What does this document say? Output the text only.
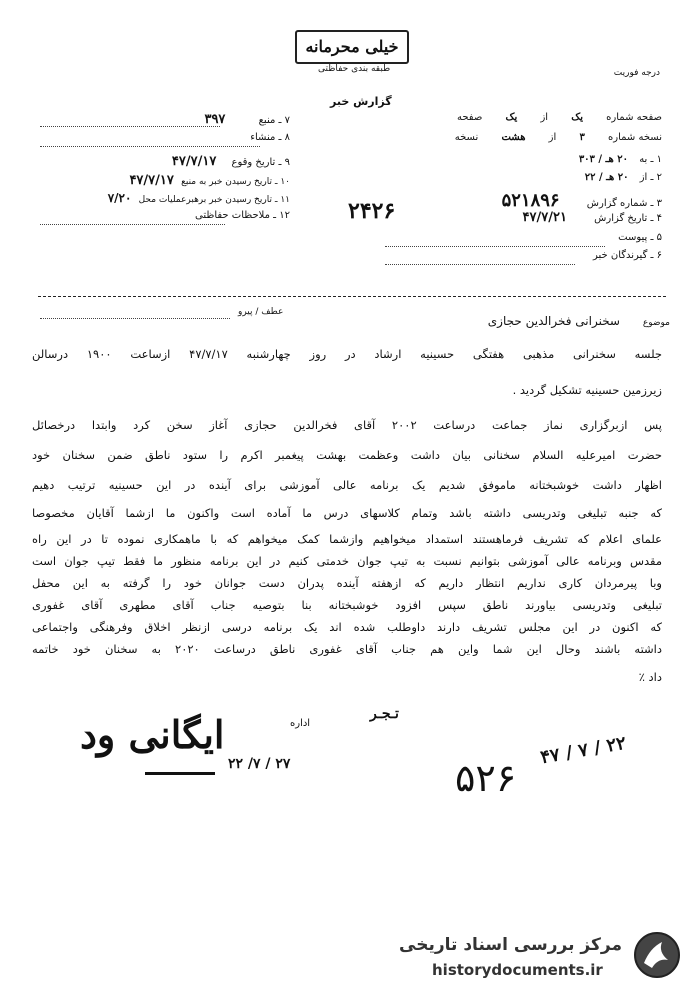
خیلی محرمانه
طبقه بندی حفاظتی	درجه فوریت
گزارش خبر
صفحه شماره یک از یک صفحه
نسخه شماره ۳ از هشت نسخه
۱ ـ به ۲۰ هـ / ۳۰۳
۲ ـ از ۲۰ هـ / ۲۲
۳ ـ شماره گزارش ۵۲۱۸۹۶
۴ ـ تاریخ گزارش ۴۷/۷/۲۱
۵ ـ پیوست
۶ ـ گیرندگان خبر
۷ ـ منبع ۳۹۷
۸ ـ منشاء
۹ ـ تاریخ وقوع ۴۷/۷/۱۷
۱۰ ـ تاریخ رسیدن خبر به منبع ۴۷/۷/۱۷
۱۱ ـ تاریخ رسیدن خبر برهبرعملیات محل ۷/۲۰
۱۲ ـ ملاحظات حفاظتی	۲۴۲۶
موضوع
سخنرانی فخرالدین حجازی
عطف / پیرو
جلسه سخنرانی مذهبی هفتگی حسینیه ارشاد در روز چهارشنبه ۴۷/۷/۱۷ ازساعت ۱۹۰۰ درسالن
زیرزمین حسینیه تشکیل گردید .
پس ازبرگزاری نماز جماعت درساعت ۲۰۰۲ آقای فخرالدین حجازی آغاز سخن کرد وابتدا درخصائل
حضرت امیرعلیه السلام سخنانی بیان داشت وعظمت بهشت پیغمبر اکرم را ستود ناطق ضمن سخنان خود
اظهار داشت خوشبختانه ماموفق شدیم یک برنامه عالی آموزشی برای آینده در این حسینیه ترتیب دهیم
که جنبه تبلیغی وتدریسی داشته باشد وتمام کلاسهای درس ما آماده است واکنون ما ازشما آقایان مخصوصا
علمای اعلام که تشریف فرماهستند استمداد میخواهیم وازشما کمک میخواهم که با ماهمکاری نموده تا در این راه
مقدس وبرنامه عالی آموزشی بتوانیم نسبت به تیپ جوان خدمتی کنیم در این برنامه منظور ما فقط تیپ جوان است
وبا پیرمردان کاری نداریم انتظار داریم که ازهفته آینده پدران دست جوانان خود را گرفته به این محفل
تبلیغی وتدریسی بیاورند ناطق سپس افزود خوشبختانه بنا بتوصیه جناب آقای مطهری آقای غفوری
که اکنون در این مجلس تشریف دارند داوطلب شده اند یک برنامه درسی ازنظر اخلاق وفرهنگی واجتماعی
داشته باشند وحال این شما واین هم جناب آقای غفوری ناطق درساعت ۲۰۲۰ به سخنان خود خاتمه
داد ٪
ایگانی ود	اداره
۲۲ /۷ / ۲۷
تـجـر
۴۷ / ۷ / ۲۲
۵۲۶
مرکز بررسی اسناد تاریخی
historydocuments.ir
